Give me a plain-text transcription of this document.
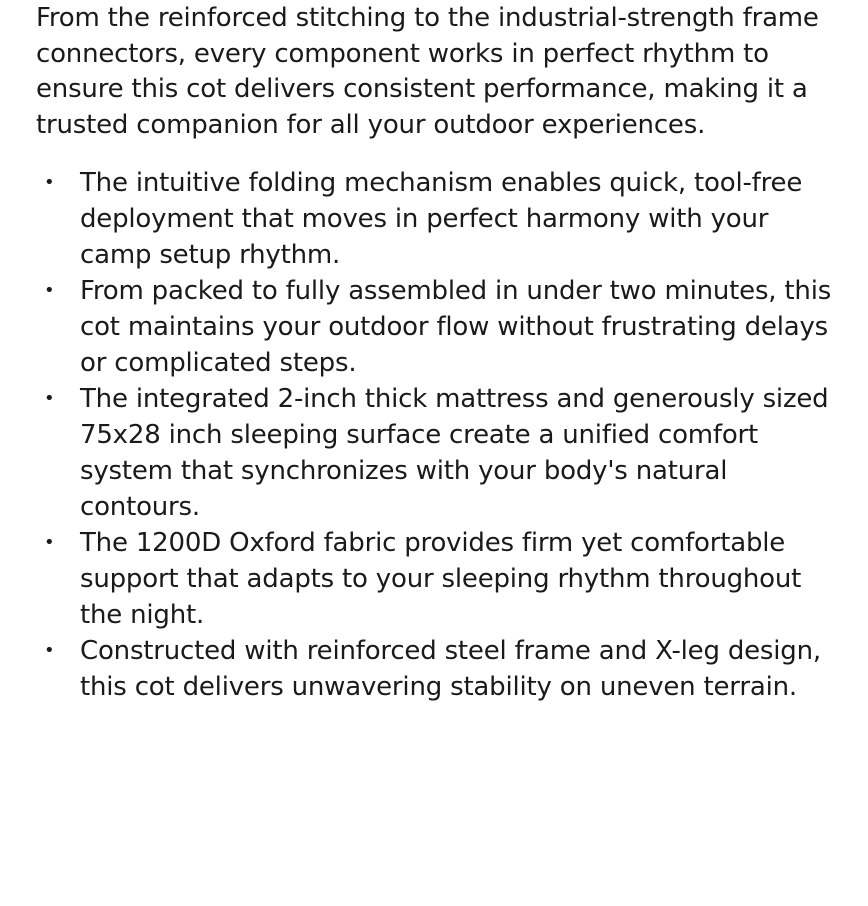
From the reinforced stitching to the industrial-strength frame connectors, every component works in perfect rhythm to ensure this cot delivers consistent performance, making it a trusted companion for all your outdoor experiences.

• The intuitive folding mechanism enables quick, tool-free deployment that moves in perfect harmony with your camp setup rhythm.
• From packed to fully assembled in under two minutes, this cot maintains your outdoor flow without frustrating delays or complicated steps.
• The integrated 2-inch thick mattress and generously sized 75x28 inch sleeping surface create a unified comfort system that synchronizes with your body's natural contours.
• The 1200D Oxford fabric provides firm yet comfortable support that adapts to your sleeping rhythm throughout the night.
• Constructed with reinforced steel frame and X-leg design, this cot delivers unwavering stability on uneven terrain.
